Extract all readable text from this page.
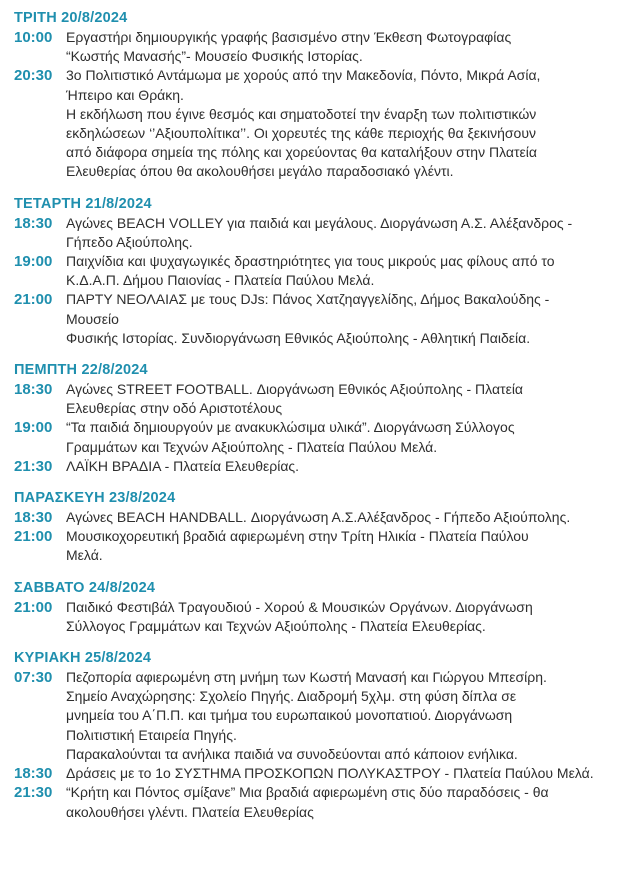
ΤΡΙΤΗ 20/8/2024
10:00 Εργαστήρι δημιουργικής γραφής βασισμένο στην Έκθεση Φωτογραφίας
“Κωστής Μανασής”- Μουσείο Φυσικής Ιστορίας.
20:30 3ο Πολιτιστικό Αντάμωμα με χορούς από την Μακεδονία, Πόντο, Μικρά Ασία,
Ήπειρο και Θράκη.
Η εκδήλωση που έγινε θεσμός και σηματοδοτεί την έναρξη των πολιτιστικών
εκδηλώσεων ‘’Αξιουπολίτικα’’. Οι χορευτές της κάθε περιοχής θα ξεκινήσουν
από διάφορα σημεία της πόλης και χορεύοντας θα καταλήξουν στην Πλατεία
Ελευθερίας όπου θα ακολουθήσει μεγάλο παραδοσιακό γλέντι.
ΤΕΤΑΡΤΗ 21/8/2024
18:30 Αγώνες BEACH VOLLEY για παιδιά και μεγάλους. Διοργάνωση Α.Σ. Αλέξανδρος -
Γήπεδο Αξιούπολης.
19:00 Παιχνίδια και ψυχαγωγικές δραστηριότητες για τους μικρούς μας φίλους από το
Κ.Δ.Α.Π. Δήμου Παιονίας - Πλατεία Παύλου Μελά.
21:00 ΠΑΡΤΥ ΝΕΟΛΑΙΑΣ με τους DJs: Πάνος Χατζηαγγελίδης, Δήμος Βακαλούδης - Μουσείο
Φυσικής Ιστορίας. Συνδιοργάνωση Εθνικός Αξιούπολης - Αθλητική Παιδεία.
ΠΕΜΠΤΗ 22/8/2024
18:30 Αγώνες STREET FOOTBALL. Διοργάνωση Εθνικός Αξιούπολης - Πλατεία
Ελευθερίας στην οδό Αριστοτέλους
19:00 “Τα παιδιά δημιουργούν με ανακυκλώσιμα υλικά”. Διοργάνωση Σύλλογος
Γραμμάτων και Τεχνών Αξιούπολης - Πλατεία Παύλου Μελά.
21:30 ΛΑΪΚΗ ΒΡΑΔΙΑ - Πλατεία Ελευθερίας.
ΠΑΡΑΣΚΕΥΗ 23/8/2024
18:30 Αγώνες BEACH HANDBALL. Διοργάνωση Α.Σ.Αλέξανδρος - Γήπεδο Αξιούπολης.
21:00 Μουσικοχορευτική βραδιά αφιερωμένη στην Τρίτη Ηλικία - Πλατεία Παύλου
Μελά.
ΣΑΒΒΑΤΟ 24/8/2024
21:00 Παιδικό Φεστιβάλ Τραγουδιού - Χορού & Μουσικών Οργάνων. Διοργάνωση
Σύλλογος Γραμμάτων και Τεχνών Αξιούπολης - Πλατεία Ελευθερίας.
ΚΥΡΙΑΚΗ 25/8/2024
07:30 Πεζοπορία αφιερωμένη στη μνήμη των Κωστή Μανασή και Γιώργου Μπεσίρη.
Σημείο Αναχώρησης: Σχολείο Πηγής. Διαδρομή 5χλμ. στη φύση δίπλα σε
μνημεία του Α΄Π.Π. και τμήμα του ευρωπαικού μονοπατιού. Διοργάνωση
Πολιτιστική Εταιρεία Πηγής.
Παρακαλούνται τα ανήλικα παιδιά να συνοδεύονται από κάποιον ενήλικα.
18:30 Δράσεις με το 1ο ΣΥΣΤΗΜΑ ΠΡΟΣΚΟΠΩΝ ΠΟΛΥΚΑΣΤΡΟΥ - Πλατεία Παύλου Μελά.
21:30 “Κρήτη και Πόντος σμίξανε” Μια βραδιά αφιερωμένη στις δύο παραδόσεις - θα
ακολουθήσει γλέντι. Πλατεία Ελευθερίας
